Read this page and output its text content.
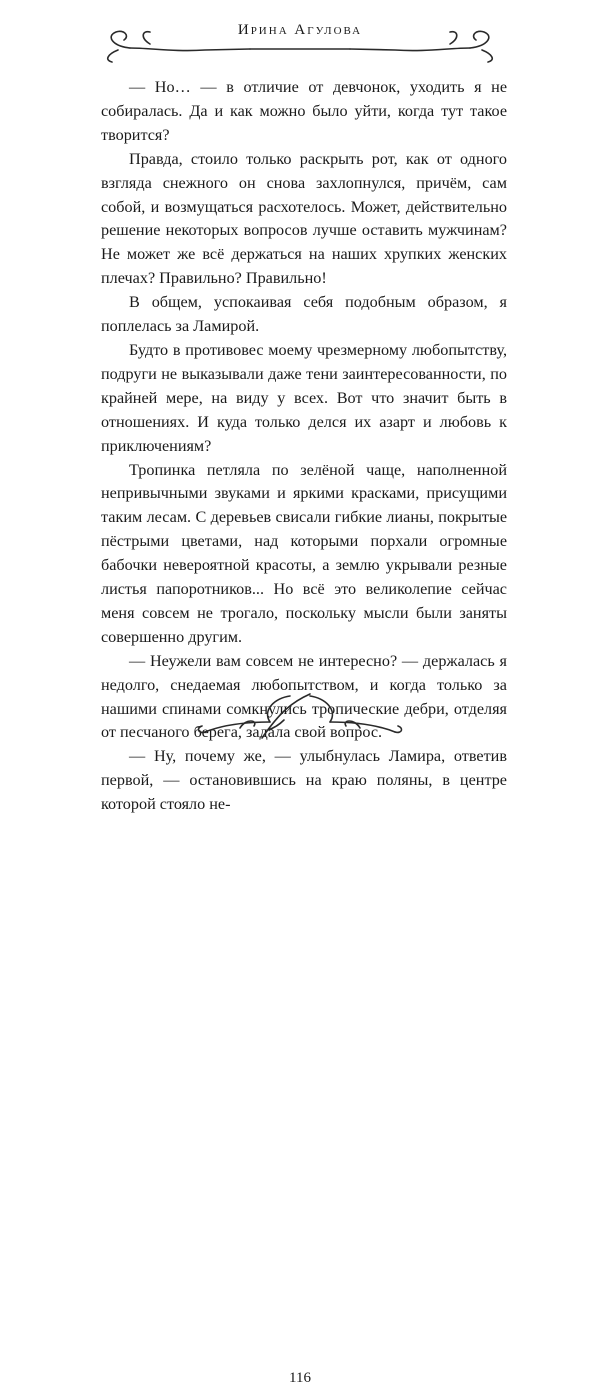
Ирина Агулова

— Но… — в отличие от девчонок, уходить я не собиралась. Да и как можно было уйти, когда тут такое творится?

Правда, стоило только раскрыть рот, как от одного взгляда снежного он снова захлопнулся, причём, сам собой, и возмущаться расхотелось. Может, действительно решение некоторых вопросов лучше оставить мужчинам? Не может же всё держаться на наших хрупких женских плечах? Правильно? Правильно!

В общем, успокаивая себя подобным образом, я поплелась за Ламирой.

Будто в противовес моему чрезмерному любопытству, подруги не выказывали даже тени заинтересованности, по крайней мере, на виду у всех. Вот что значит быть в отношениях. И куда только делся их азарт и любовь к приключениям?

Тропинка петляла по зелёной чаще, наполненной непривычными звуками и яркими красками, присущими таким лесам. С деревьев свисали гибкие лианы, покрытые пёстрыми цветами, над которыми порхали огромные бабочки невероятной красоты, а землю укрывали резные листья папоротников... Но всё это великолепие сейчас меня совсем не трогало, поскольку мысли были заняты совершенно другим.

— Неужели вам совсем не интересно? — держалась я недолго, снедаемая любопытством, и когда только за нашими спинами сомкнулись тропические дебри, отделяя от песчаного берега, задала свой вопрос.

— Ну, почему же, — улыбнулась Ламира, ответив первой, — остановившись на краю поляны, в центре которой стояло не-

116
